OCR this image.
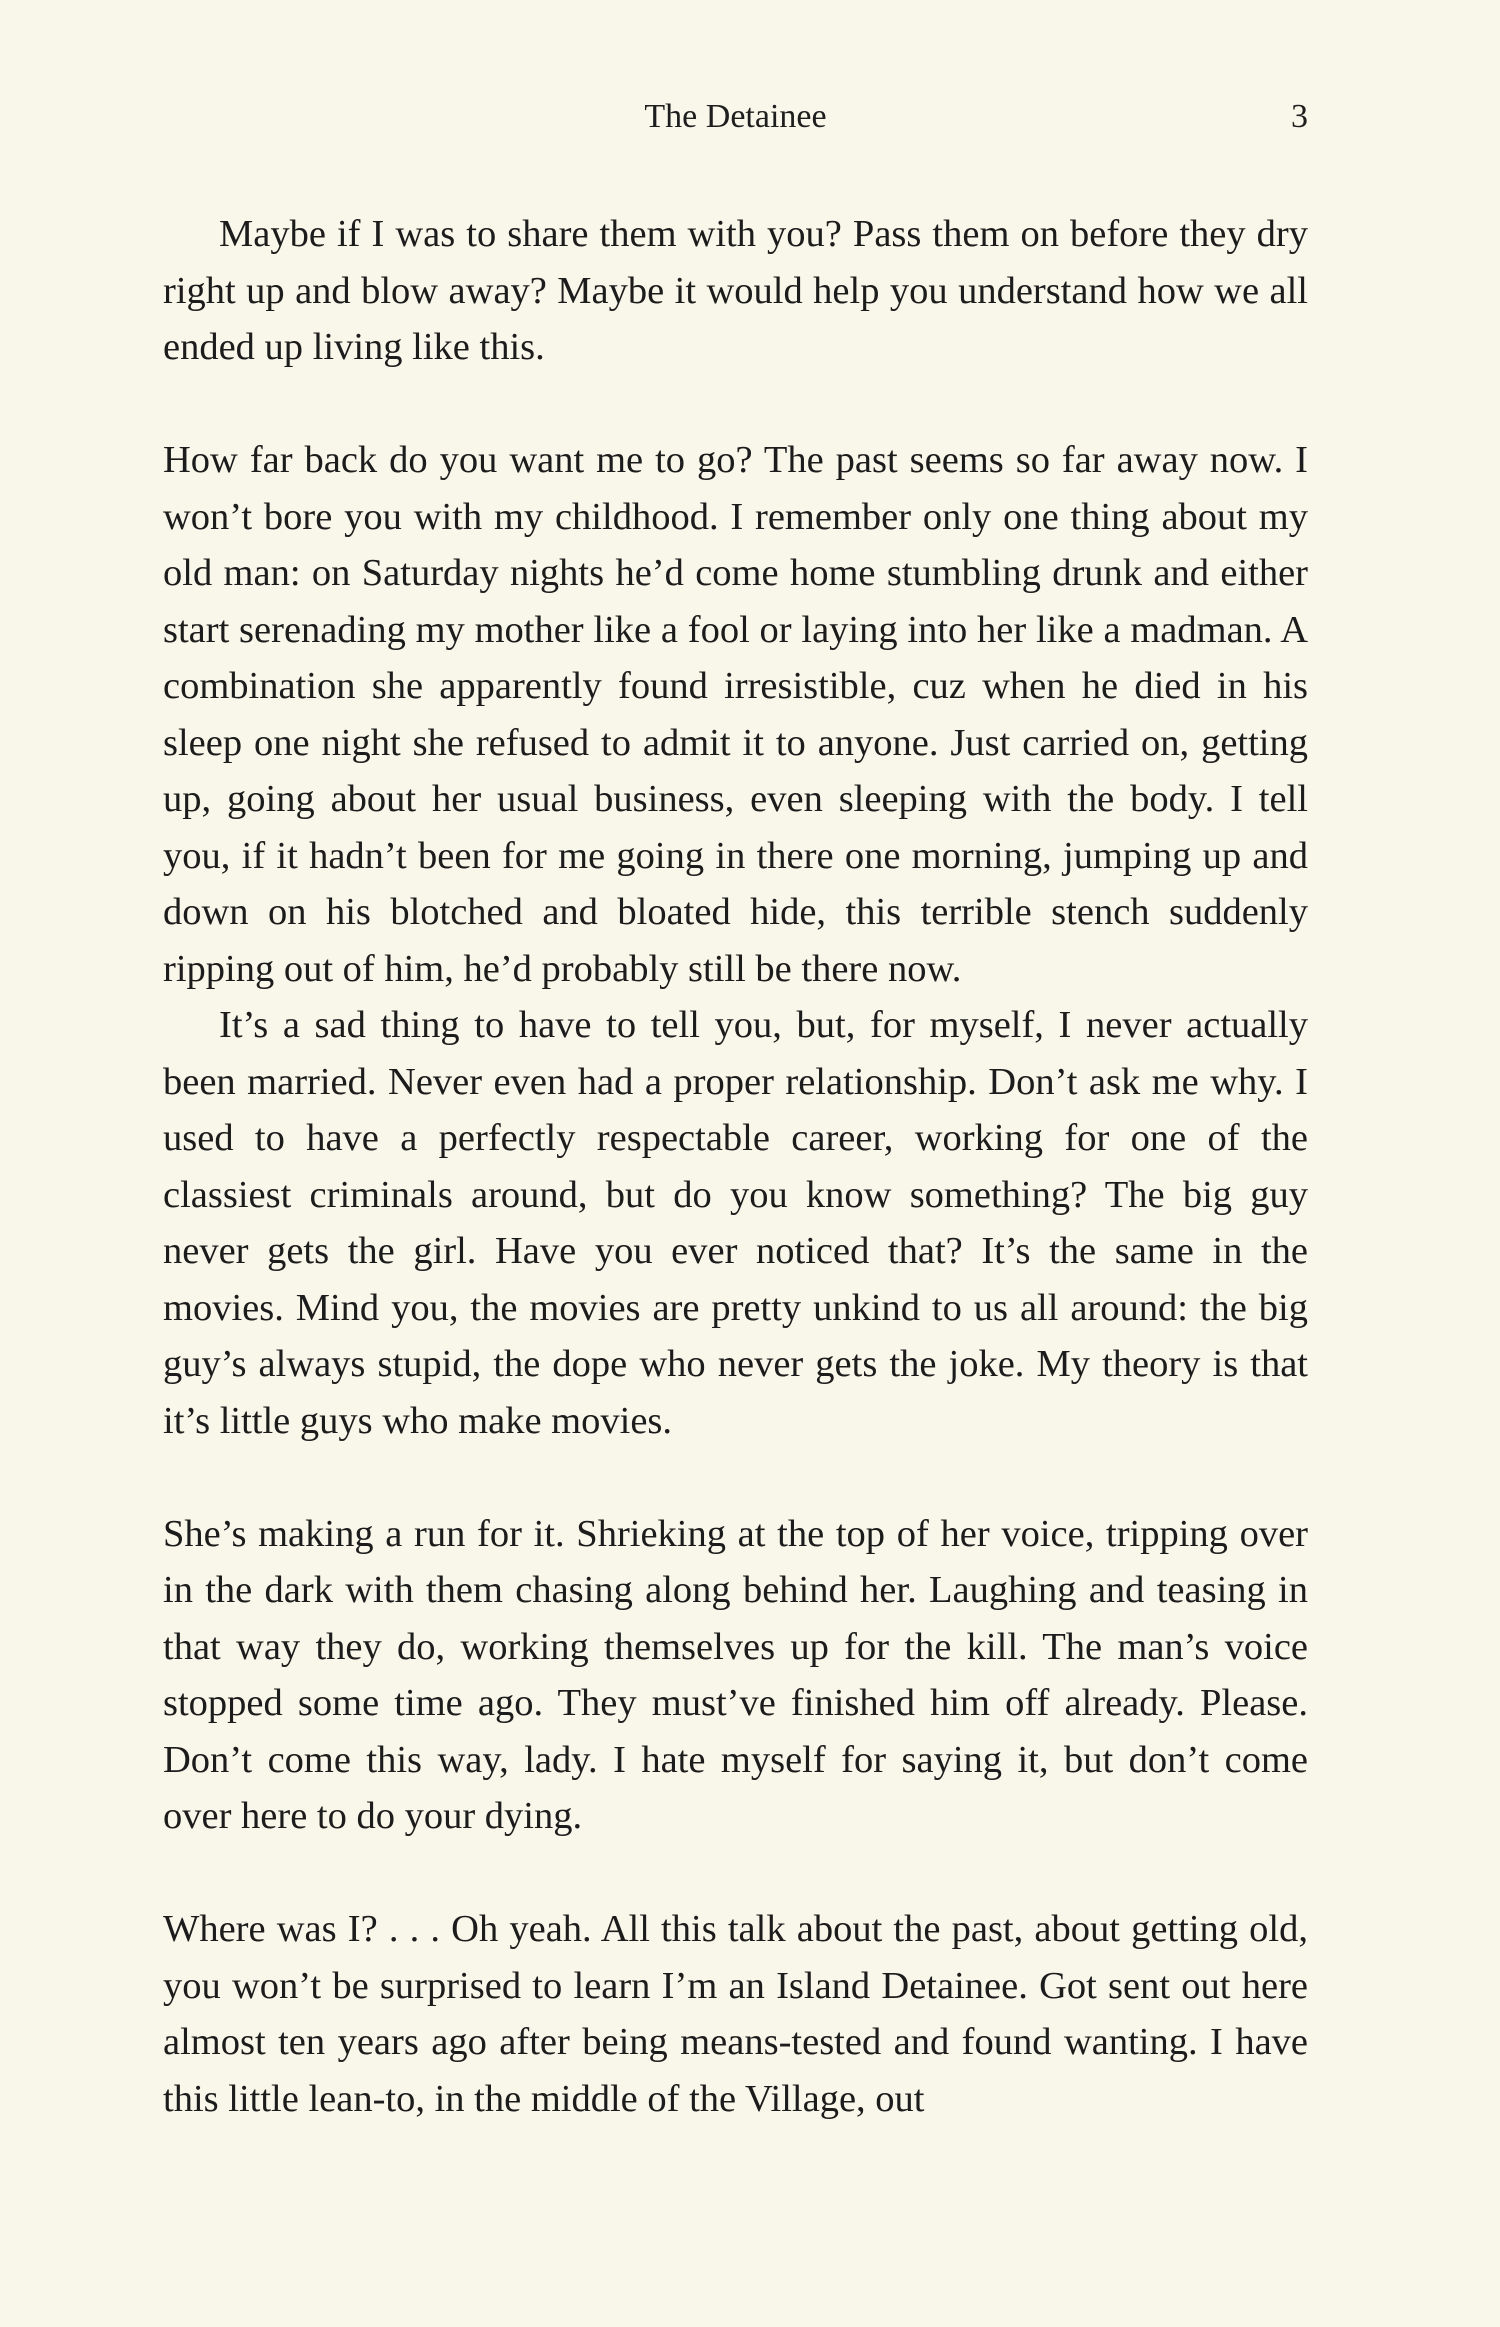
The Detainee	3

Maybe if I was to share them with you? Pass them on before they dry right up and blow away? Maybe it would help you understand how we all ended up living like this.

How far back do you want me to go? The past seems so far away now. I won’t bore you with my childhood. I remember only one thing about my old man: on Saturday nights he’d come home stumbling drunk and either start serenading my mother like a fool or laying into her like a madman. A combination she apparently found irresistible, cuz when he died in his sleep one night she refused to admit it to anyone. Just carried on, getting up, going about her usual business, even sleeping with the body. I tell you, if it hadn’t been for me going in there one morning, jumping up and down on his blotched and bloated hide, this terrible stench suddenly ripping out of him, he’d probably still be there now.

It’s a sad thing to have to tell you, but, for myself, I never actually been married. Never even had a proper relationship. Don’t ask me why. I used to have a perfectly respectable career, working for one of the classiest criminals around, but do you know something? The big guy never gets the girl. Have you ever noticed that? It’s the same in the movies. Mind you, the movies are pretty unkind to us all around: the big guy’s always stupid, the dope who never gets the joke. My theory is that it’s little guys who make movies.

She’s making a run for it. Shrieking at the top of her voice, tripping over in the dark with them chasing along behind her. Laughing and teasing in that way they do, working themselves up for the kill. The man’s voice stopped some time ago. They must’ve finished him off already. Please. Don’t come this way, lady. I hate myself for saying it, but don’t come over here to do your dying.

Where was I? . . . Oh yeah. All this talk about the past, about getting old, you won’t be surprised to learn I’m an Island Detainee. Got sent out here almost ten years ago after being means-tested and found wanting. I have this little lean-to, in the middle of the Village, out
